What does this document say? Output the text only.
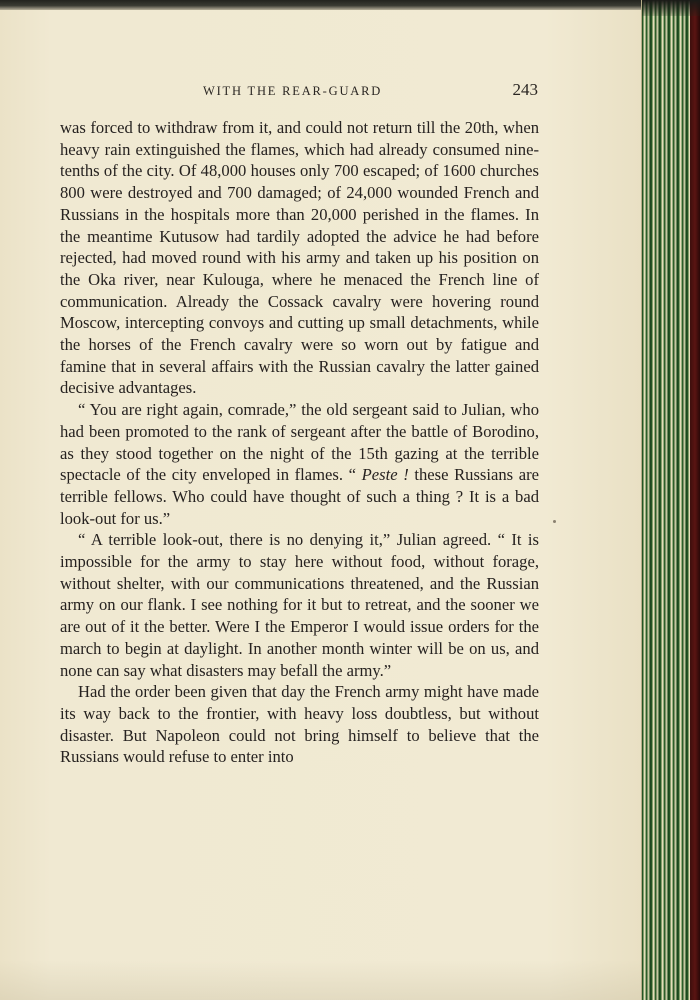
WITH THE REAR-GUARD	243

was forced to withdraw from it, and could not return till the 20th, when heavy rain extinguished the flames, which had already consumed nine-tenths of the city. Of 48,000 houses only 700 escaped; of 1600 churches 800 were destroyed and 700 damaged; of 24,000 wounded French and Russians in the hospitals more than 20,000 perished in the flames. In the meantime Kutusow had tardily adopted the advice he had before rejected, had moved round with his army and taken up his position on the Oka river, near Kulouga, where he menaced the French line of communication. Already the Cossack cavalry were hovering round Moscow, intercepting convoys and cutting up small detachments, while the horses of the French cavalry were so worn out by fatigue and famine that in several affairs with the Russian cavalry the latter gained decisive advantages.

“ You are right again, comrade,” the old sergeant said to Julian, who had been promoted to the rank of sergeant after the battle of Borodino, as they stood together on the night of the 15th gazing at the terrible spectacle of the city enveloped in flames. “ Peste ! these Russians are terrible fellows. Who could have thought of such a thing ? It is a bad look-out for us.”

“ A terrible look-out, there is no denying it,” Julian agreed. “ It is impossible for the army to stay here without food, without forage, without shelter, with our communications threatened, and the Russian army on our flank. I see nothing for it but to retreat, and the sooner we are out of it the better. Were I the Emperor I would issue orders for the march to begin at daylight. In another month winter will be on us, and none can say what disasters may befall the army.”

Had the order been given that day the French army might have made its way back to the frontier, with heavy loss doubtless, but without disaster. But Napoleon could not bring himself to believe that the Russians would refuse to enter into
